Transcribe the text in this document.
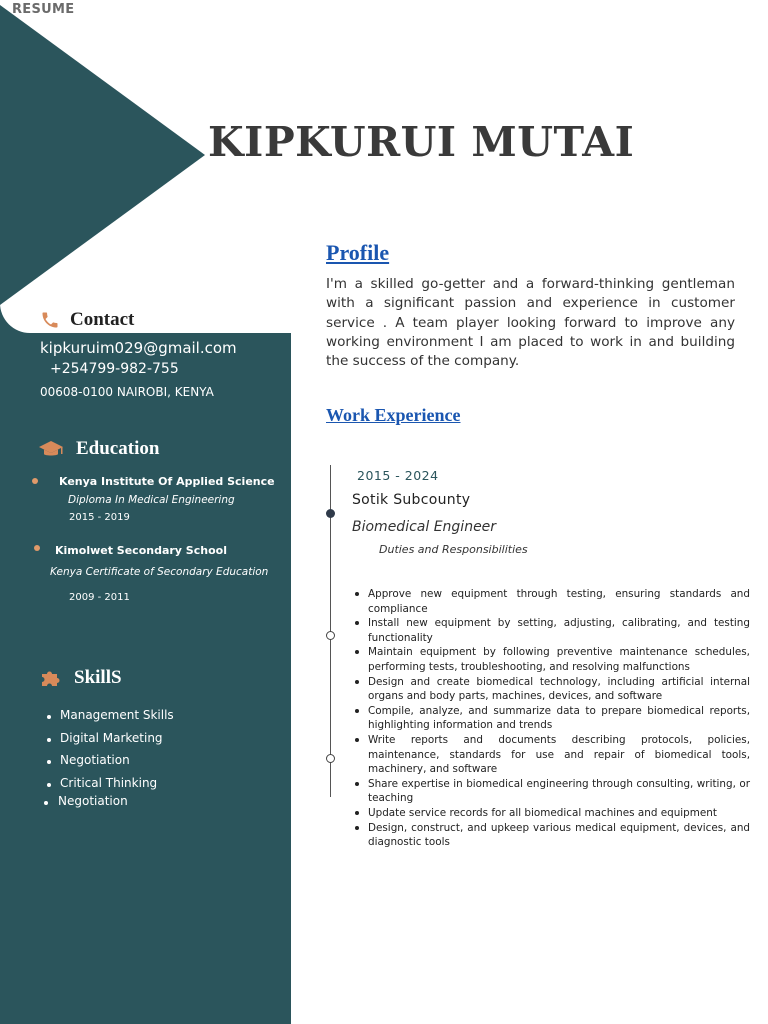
RESUME
KIPKURUI MUTAI
Contact
kipkuruim029@gmail.com
+254799-982-755
00608-0100 NAIROBI, KENYA
Education
Kenya Institute Of Applied Science
Diploma In Medical Engineering
2015 - 2019
Kimolwet Secondary School
Kenya Certificate of Secondary Education
2009 - 2011
SkillS
Management Skills
Digital Marketing
Negotiation
Critical Thinking
Negotiation
Profile
I'm a skilled go-getter and a forward-thinking gentleman with a significant passion and experience in customer service . A team player looking forward to improve any working environment I am placed to work in and building the success of the company.
Work Experience
2015 - 2024
Sotik Subcounty
Biomedical Engineer
Duties and Responsibilities
Approve new equipment through testing, ensuring standards and compliance
Install new equipment by setting, adjusting, calibrating, and testing functionality
Maintain equipment by following preventive maintenance schedules, performing tests, troubleshooting, and resolving malfunctions
Design and create biomedical technology, including artificial internal organs and body parts, machines, devices, and software
Compile, analyze, and summarize data to prepare biomedical reports, highlighting information and trends
Write reports and documents describing protocols, policies, maintenance, standards for use and repair of biomedical tools, machinery, and software
Share expertise in biomedical engineering through consulting, writing, or teaching
Update service records for all biomedical machines and equipment
Design, construct, and upkeep various medical equipment, devices, and diagnostic tools
